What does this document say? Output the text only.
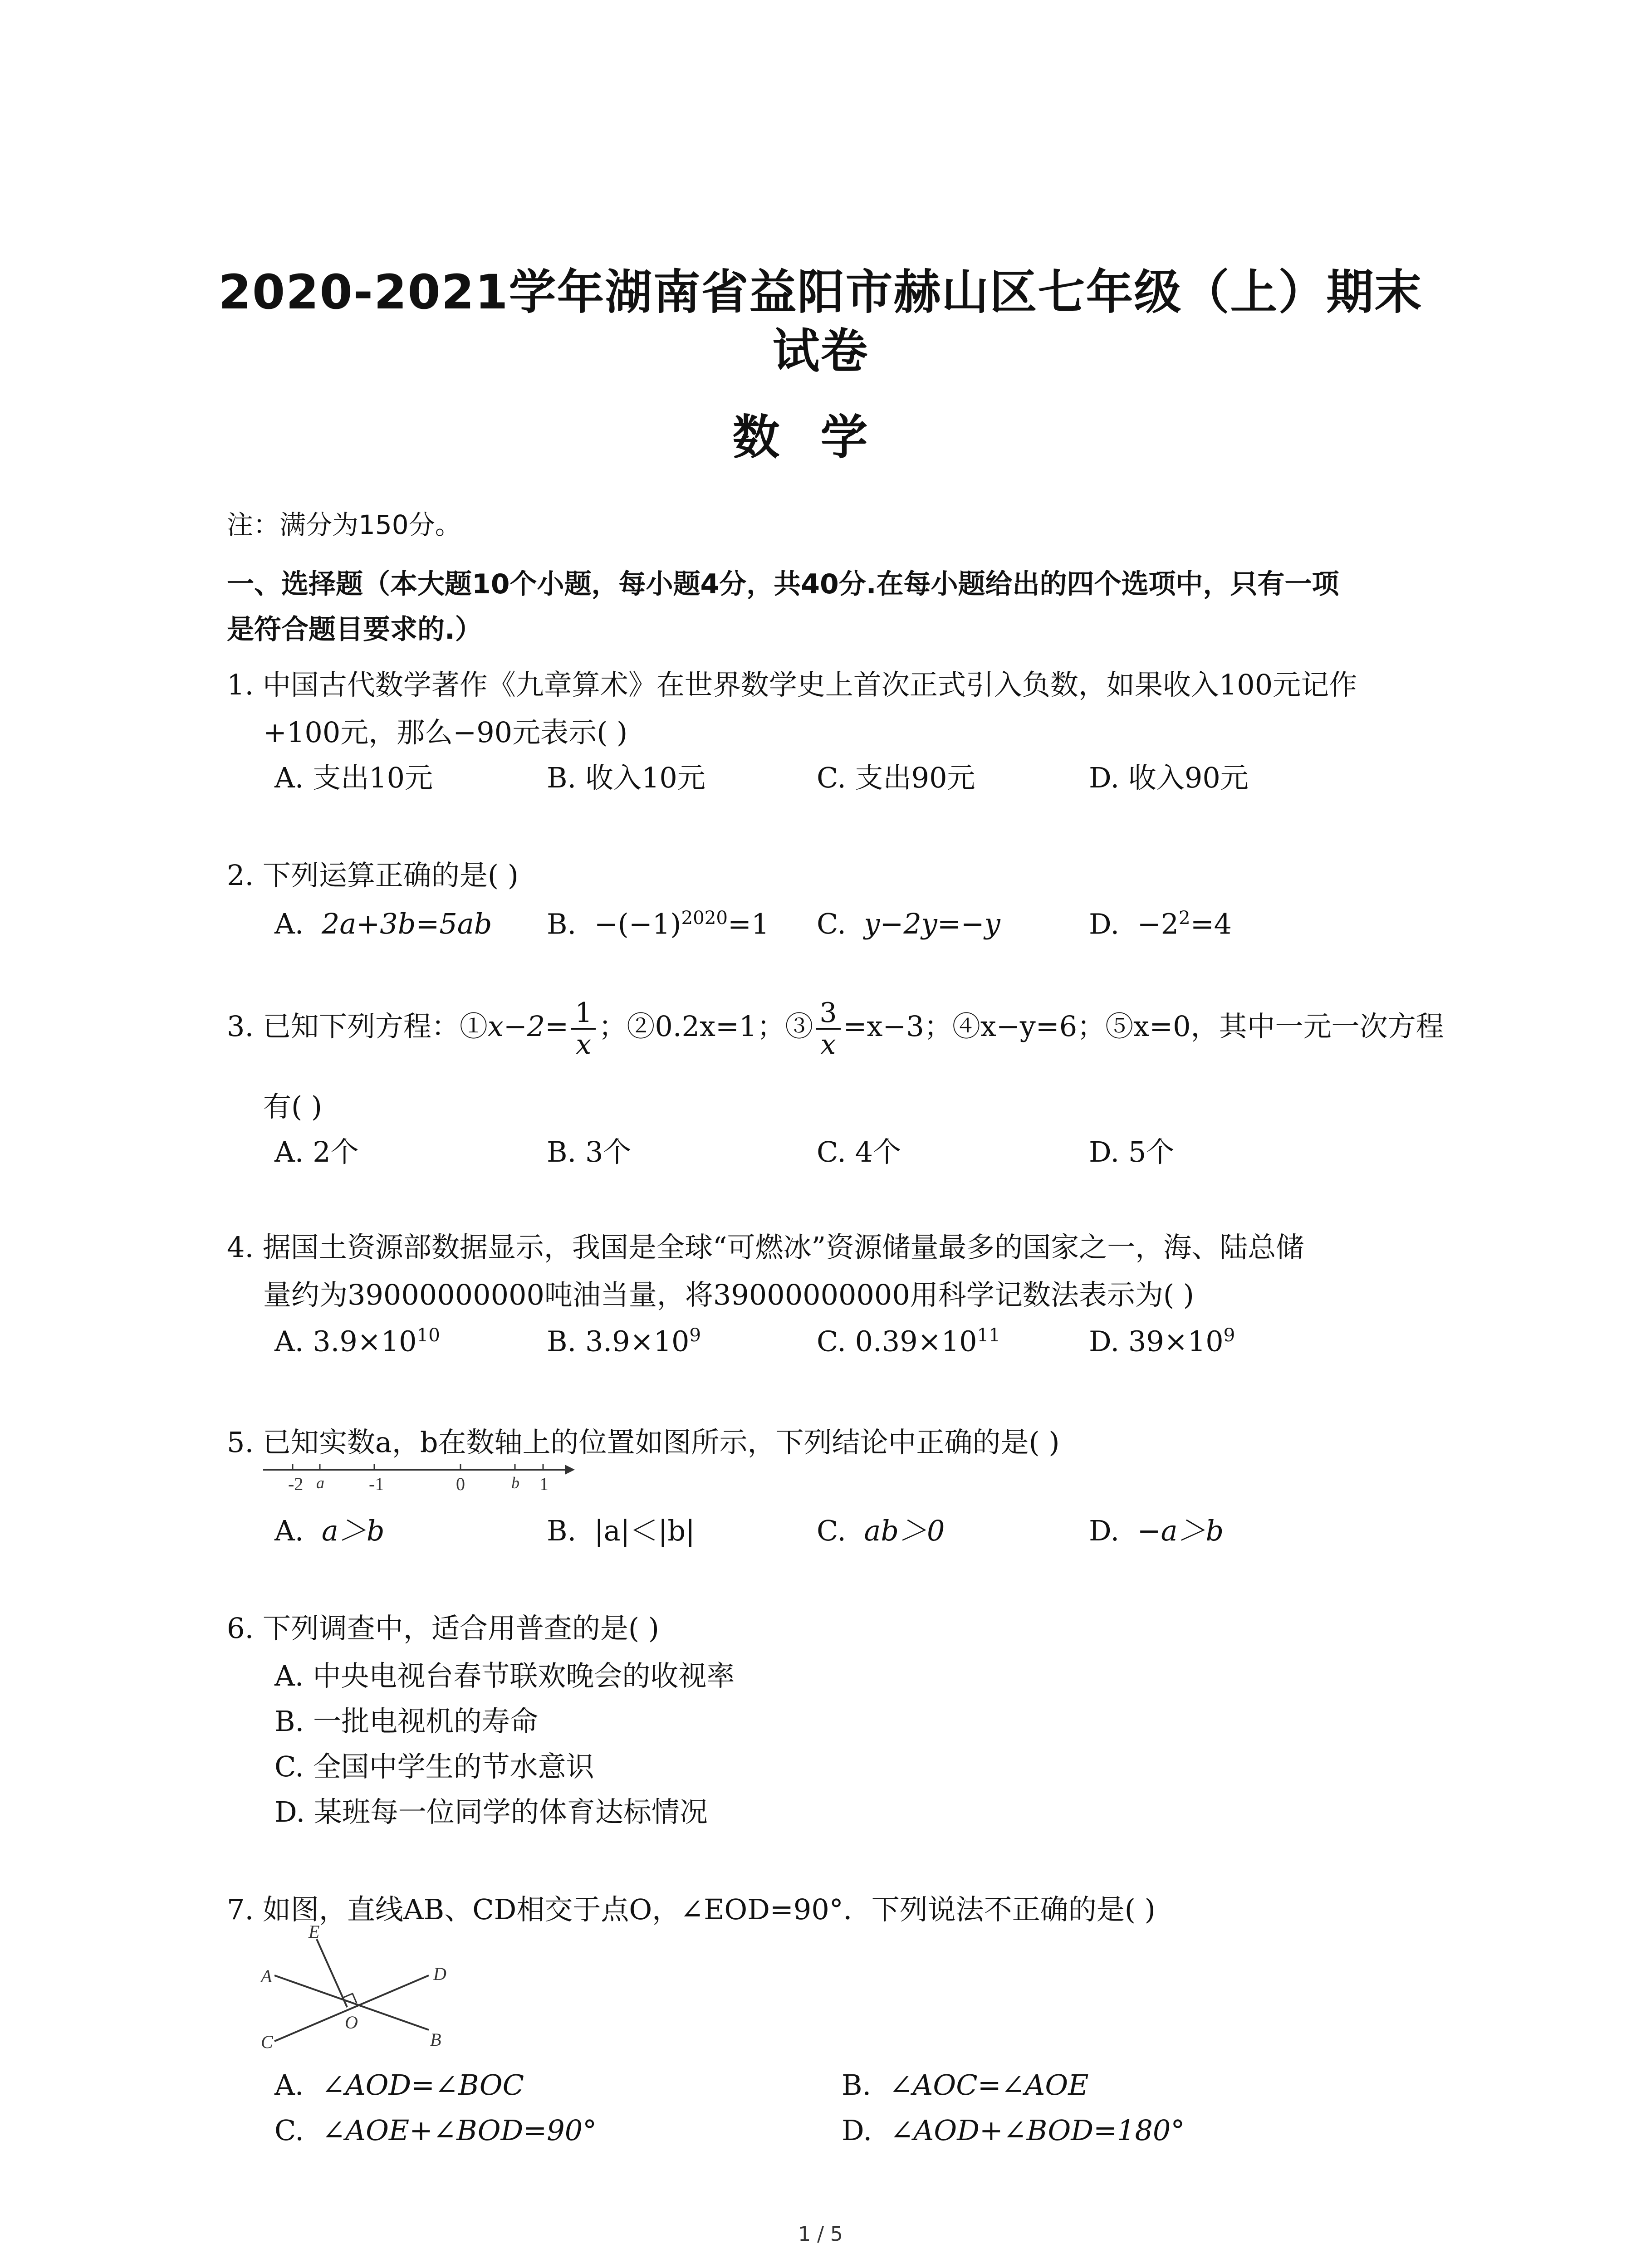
2020-2021学年湖南省益阳市赫山区七年级（上）期末
试卷
数学
注：满分为150分。
一、选择题（本大题10个小题，每小题4分，共40分.在每小题给出的四个选项中，只有一项
是符合题目要求的.）
1. 中国古代数学著作《九章算术》在世界数学史上首次正式引入负数，如果收入100元记作
+100元，那么−90元表示( )
A. 支出10元	B. 收入10元	C. 支出90元	D. 收入90元
2. 下列运算正确的是( )
A. 2a+3b=5ab B. $-(-1)^{2020}=1$ C. y−2y=−y	D. $-2^2=4$
3. 已知下列方程：①x−2= $\frac{1}{x}$ ；②0.2x=1；③ $\frac{3}{x} =x-3$；④x−y=6；⑤x=0，其中一元一次方程
有( )
A. 2个	B. 3个	C. 4个	D. 5个
4. 据国土资源部数据显示，我国是全球“可燃冰”资源储量最多的国家之一，海、陆总储
量约为39000000000吨油当量，将39000000000用科学记数法表示为( )
A. $3.9\times 10^{10}$	B. $3.9\times 10^9$	C. $0.39\times 10^{11}$	D. $39\times 10^9$
5. 已知实数a，b在数轴上的位置如图所示，下列结论中正确的是( )
-2 a -1	0	b 1
A. a＞b	B. |a|＜|b|	C. ab＞0	D. −a＞b
6. 下列调查中，适合用普查的是( )
A. 中央电视台春节联欢晚会的收视率
B. 一批电视机的寿命
C. 全国中学生的节水意识
D. 某班每一位同学的体育达标情况
7. 如图，直线AB、CD相交于点O，∠EOD=90°．下列说法不正确的是( )
E
A	D
C
O
B
A. ∠AOD=∠BOC	B. ∠AOC=∠AOE
C. ∠AOE+∠BOD=90°	D. ∠AOD+∠BOD=180°
1 / 5
